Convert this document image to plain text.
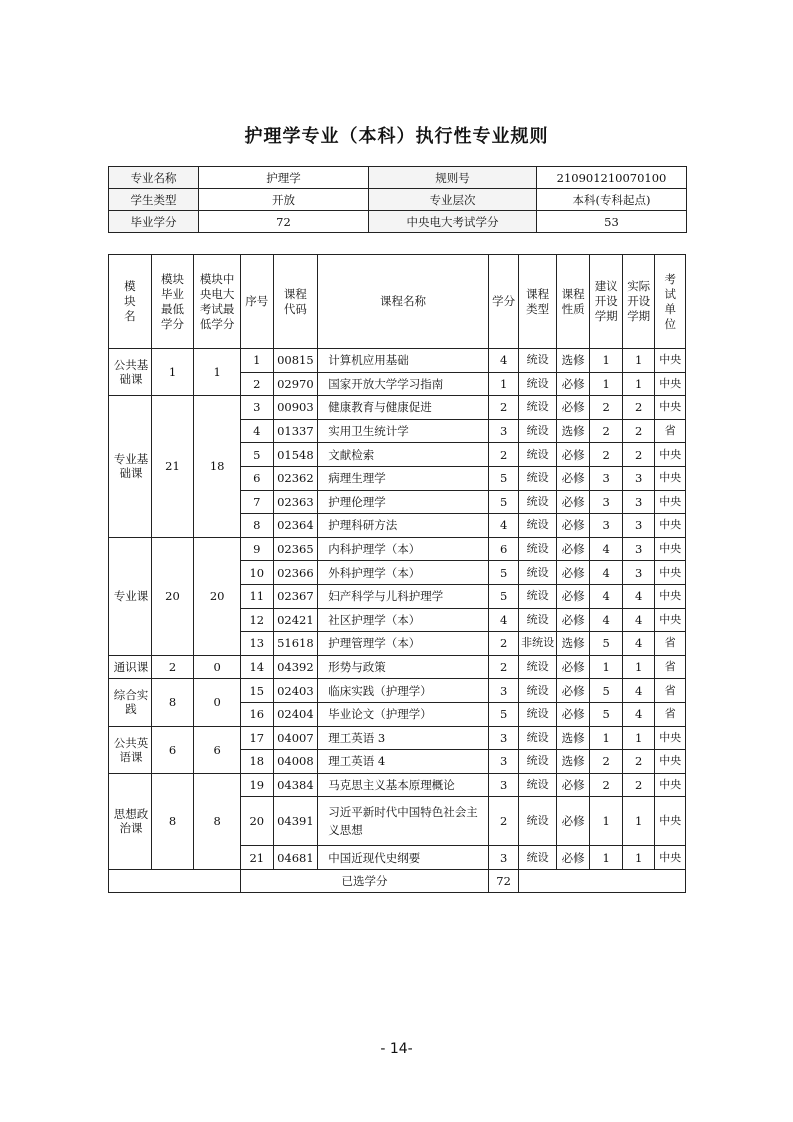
护理学专业（本科）执行性专业规则
专业名称	护理学	规则号	210901210070100
学生类型	开放	专业层次	本科(专科起点)
毕业学分	72	中央电大考试学分	53
模块名	模块毕业最低学分	模块中央电大考试最低学分	序号	课程代码	课程名称	学分	课程类型	课程性质	建议开设学期	实际开设学期	考试单位
公共基础课	1	1	1	00815	计算机应用基础	4	统设	选修	1	1	中央
			2	02970	国家开放大学学习指南	1	统设	必修	1	1	中央
专业基础课	21	18	3	00903	健康教育与健康促进	2	统设	必修	2	2	中央
			4	01337	实用卫生统计学	3	统设	选修	2	2	省
			5	01548	文献检索	2	统设	必修	2	2	中央
			6	02362	病理生理学	5	统设	必修	3	3	中央
			7	02363	护理伦理学	5	统设	必修	3	3	中央
			8	02364	护理科研方法	4	统设	必修	3	3	中央
专业课	20	20	9	02365	内科护理学（本）	6	统设	必修	4	3	中央
			10	02366	外科护理学（本）	5	统设	必修	4	3	中央
			11	02367	妇产科学与儿科护理学	5	统设	必修	4	4	中央
			12	02421	社区护理学（本）	4	统设	必修	4	4	中央
			13	51618	护理管理学（本）	2	非统设	选修	5	4	省
通识课	2	0	14	04392	形势与政策	2	统设	必修	1	1	省
综合实践	8	0	15	02403	临床实践（护理学）	3	统设	必修	5	4	省
			16	02404	毕业论文（护理学）	5	统设	必修	5	4	省
公共英语课	6	6	17	04007	理工英语 3	3	统设	选修	1	1	中央
			18	04008	理工英语 4	3	统设	选修	2	2	中央
思想政治课	8	8	19	04384	马克思主义基本原理概论	3	统设	必修	2	2	中央
			20	04391	习近平新时代中国特色社会主义思想	2	统设	必修	1	1	中央
			21	04681	中国近现代史纲要	3	统设	必修	1	1	中央
			已选学分			72					
- 14-
